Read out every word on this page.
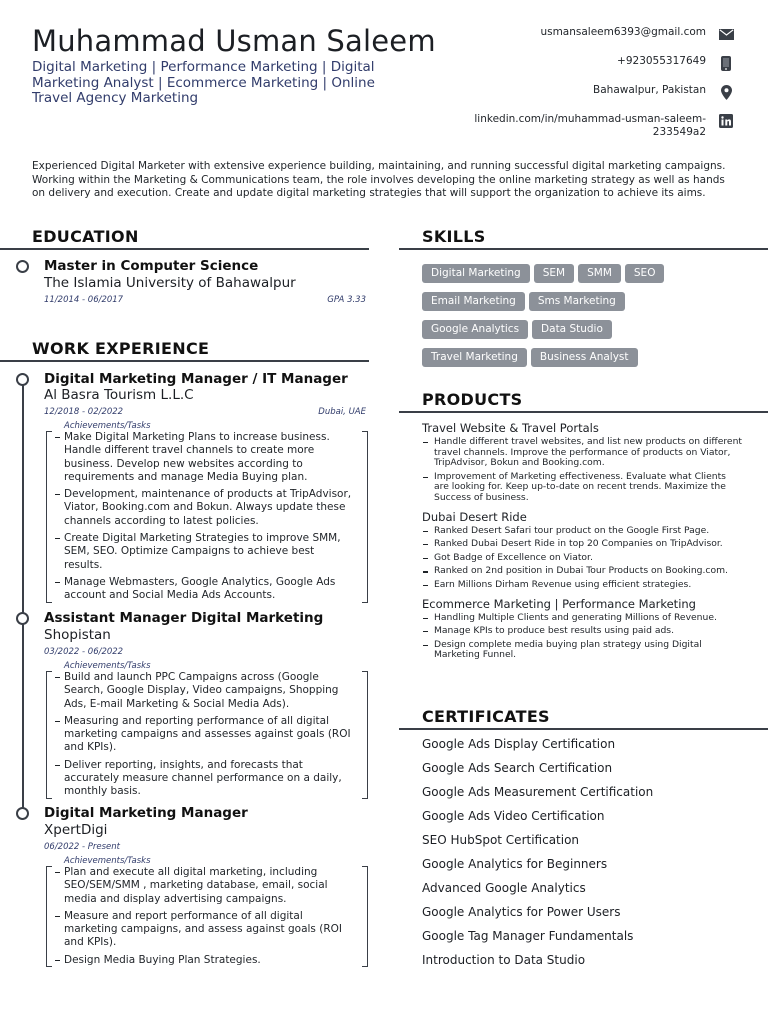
Muhammad Usman Saleem
Digital Marketing | Performance Marketing | Digital Marketing Analyst | Ecommerce Marketing | Online Travel Agency Marketing
usmansaleem6393@gmail.com
+923055317649
Bahawalpur, Pakistan
linkedin.com/in/muhammad-usman-saleem-233549a2
Experienced Digital Marketer with extensive experience building, maintaining, and running successful digital marketing campaigns. Working within the Marketing & Communications team, the role involves developing the online marketing strategy as well as hands on delivery and execution. Create and update digital marketing strategies that will support the organization to achieve its aims.
EDUCATION
Master in Computer Science
The Islamia University of Bahawalpur
11/2014 - 06/2017	GPA 3.33
WORK EXPERIENCE
Digital Marketing Manager / IT Manager
Al Basra Tourism L.L.C
12/2018 - 02/2022	Dubai, UAE
Achievements/Tasks
Make Digital Marketing Plans to increase business. Handle different travel channels to create more business. Develop new websites according to requirements and manage Media Buying plan.
Development, maintenance of products at TripAdvisor, Viator, Booking.com and Bokun. Always update these channels according to latest policies.
Create Digital Marketing Strategies to improve SMM, SEM, SEO. Optimize Campaigns to achieve best results.
Manage Webmasters, Google Analytics, Google Ads account and Social Media Ads Accounts.
Assistant Manager Digital Marketing
Shopistan
03/2022 - 06/2022
Achievements/Tasks
Build and launch PPC Campaigns across (Google Search, Google Display, Video campaigns, Shopping Ads, E-mail Marketing & Social Media Ads).
Measuring and reporting performance of all digital marketing campaigns and assesses against goals (ROI and KPIs).
Deliver reporting, insights, and forecasts that accurately measure channel performance on a daily, monthly basis.
Digital Marketing Manager
XpertDigi
06/2022 - Present
Achievements/Tasks
Plan and execute all digital marketing, including SEO/SEM/SMM , marketing database, email, social media and display advertising campaigns.
Measure and report performance of all digital marketing campaigns, and assess against goals (ROI and KPIs).
Design Media Buying Plan Strategies.
SKILLS
Digital Marketing SEM SMM SEO
Email Marketing Sms Marketing
Google Analytics Data Studio
Travel Marketing Business Analyst
PRODUCTS
Travel Website & Travel Portals
Handle different travel websites, and list new products on different travel channels. Improve the performance of products on Viator, TripAdvisor, Bokun and Booking.com.
Improvement of Marketing effectiveness. Evaluate what Clients are looking for. Keep up-to-date on recent trends. Maximize the Success of business.
Dubai Desert Ride
Ranked Desert Safari tour product on the Google First Page.
Ranked Dubai Desert Ride in top 20 Companies on TripAdvisor.
Got Badge of Excellence on Viator.
Ranked on 2nd position in Dubai Tour Products on Booking.com.
Earn Millions Dirham Revenue using efficient strategies.
Ecommerce Marketing | Performance Marketing
Handling Multiple Clients and generating Millions of Revenue.
Manage KPIs to produce best results using paid ads.
Design complete media buying plan strategy using Digital Marketing Funnel.
CERTIFICATES
Google Ads Display Certification
Google Ads Search Certification
Google Ads Measurement Certification
Google Ads Video Certification
SEO HubSpot Certification
Google Analytics for Beginners
Advanced Google Analytics
Google Analytics for Power Users
Google Tag Manager Fundamentals
Introduction to Data Studio
